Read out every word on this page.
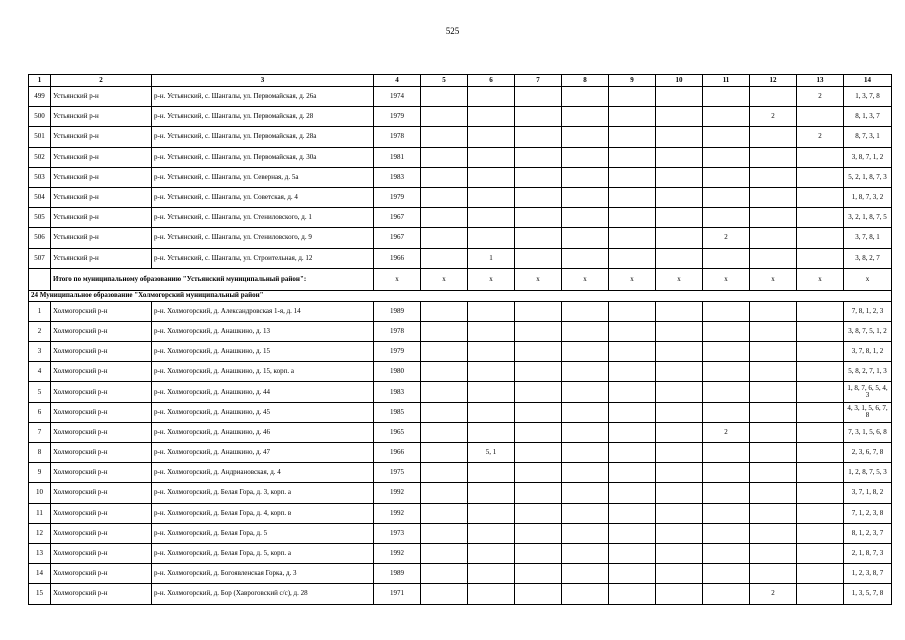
525
1	2	3	4	5	6	7	8	9	10	11	12	13	14
499	Устьянский р-н	р-н. Устьянский, с. Шангалы, ул. Первомайская, д. 26а	1974									2	1, 3, 7, 8
500	Устьянский р-н	р-н. Устьянский, с. Шангалы, ул. Первомайская, д. 28	1979								2		8, 1, 3, 7
501	Устьянский р-н	р-н. Устьянский, с. Шангалы, ул. Первомайская, д. 28а	1978									2	8, 7, 3, 1
502	Устьянский р-н	р-н. Устьянский, с. Шангалы, ул. Первомайская, д. 30а	1981										3, 8, 7, 1, 2
503	Устьянский р-н	р-н. Устьянский, с. Шангалы, ул. Северная, д. 5а	1983										5, 2, 1, 8, 7, 3
504	Устьянский р-н	р-н. Устьянский, с. Шангалы, ул. Советская, д. 4	1979										1, 8, 7, 3, 2
505	Устьянский р-н	р-н. Устьянский, с. Шангалы, ул. Стениловского, д. 1	1967										3, 2, 1, 8, 7, 5
506	Устьянский р-н	р-н. Устьянский, с. Шангалы, ул. Стениловского, д. 9	1967							2			3, 7, 8, 1
507	Устьянский р-н	р-н. Устьянский, с. Шангалы, ул. Строительная, д. 12	1966		1								3, 8, 2, 7
	Итого по муниципальному образованию "Устьянский муниципальный район":		х	х	х	х	х	х	х	х	х	х	х
24 Муниципальное образование "Холмогорский муниципальный район"													
1	Холмогорский р-н	р-н. Холмогорский, д. Александровская 1-я, д. 14	1989										7, 8, 1, 2, 3
2	Холмогорский р-н	р-н. Холмогорский, д. Анашкино, д. 13	1978										3, 8, 7, 5, 1, 2
3	Холмогорский р-н	р-н. Холмогорский, д. Анашкино, д. 15	1979										3, 7, 8, 1, 2
4	Холмогорский р-н	р-н. Холмогорский, д. Анашкино, д. 15, корп. а	1980										5, 8, 2, 7, 1, 3
5	Холмогорский р-н	р-н. Холмогорский, д. Анашкино, д. 44	1983										1, 8, 7, 6, 5, 4, 3
6	Холмогорский р-н	р-н. Холмогорский, д. Анашкино, д. 45	1985										4, 3, 1, 5, 6, 7, 8
7	Холмогорский р-н	р-н. Холмогорский, д. Анашкино, д. 46	1965							2			7, 3, 1, 5, 6, 8
8	Холмогорский р-н	р-н. Холмогорский, д. Анашкино, д. 47	1966		5, 1								2, 3, 6, 7, 8
9	Холмогорский р-н	р-н. Холмогорский, д. Андриановская, д. 4	1975										1, 2, 8, 7, 5, 3
10	Холмогорский р-н	р-н. Холмогорский, д. Белая Гора, д. 3, корп. а	1992										3, 7, 1, 8, 2
11	Холмогорский р-н	р-н. Холмогорский, д. Белая Гора, д. 4, корп. в	1992										7, 1, 2, 3, 8
12	Холмогорский р-н	р-н. Холмогорский, д. Белая Гора, д. 5	1973										8, 1, 2, 3, 7
13	Холмогорский р-н	р-н. Холмогорский, д. Белая Гора, д. 5, корп. а	1992										2, 1, 8, 7, 3
14	Холмогорский р-н	р-н. Холмогорский, д. Богоявленская Горка, д. 3	1989										1, 2, 3, 8, 7
15	Холмогорский р-н	р-н. Холмогорский, д. Бор (Хавроговский с/с), д. 28	1971								2		1, 3, 5, 7, 8
